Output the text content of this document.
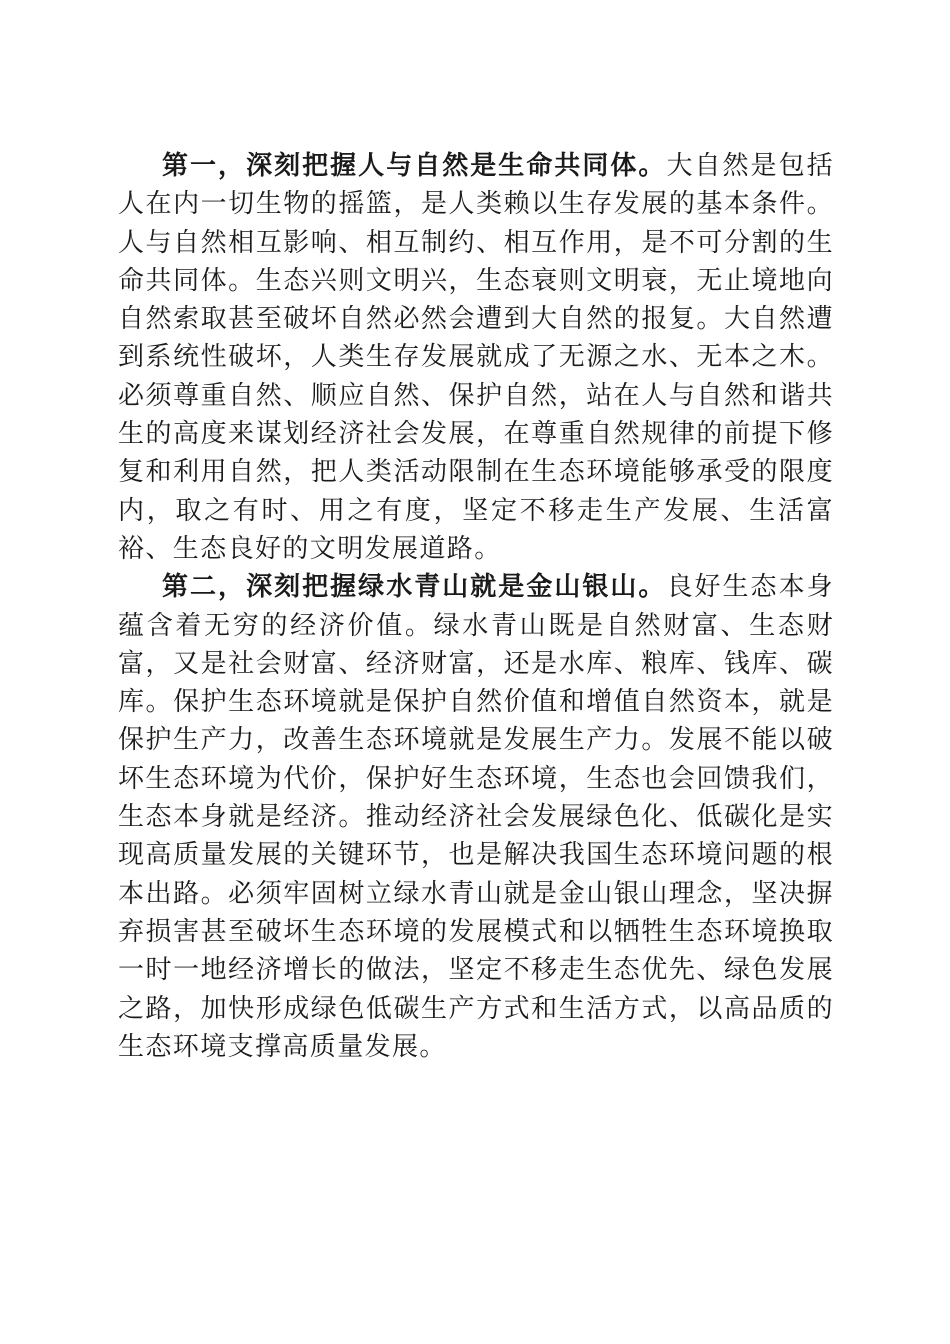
第一，深刻把握人与自然是生命共同体。大自然是包括人在内一切生物的摇篮，是人类赖以生存发展的基本条件。人与自然相互影响、相互制约、相互作用，是不可分割的生命共同体。生态兴则文明兴，生态衰则文明衰，无止境地向自然索取甚至破坏自然必然会遭到大自然的报复。大自然遭到系统性破坏，人类生存发展就成了无源之水、无本之木。必须尊重自然、顺应自然、保护自然，站在人与自然和谐共生的高度来谋划经济社会发展，在尊重自然规律的前提下修复和利用自然，把人类活动限制在生态环境能够承受的限度内，取之有时、用之有度，坚定不移走生产发展、生活富裕、生态良好的文明发展道路。

第二，深刻把握绿水青山就是金山银山。良好生态本身蕴含着无穷的经济价值。绿水青山既是自然财富、生态财富，又是社会财富、经济财富，还是水库、粮库、钱库、碳库。保护生态环境就是保护自然价值和增值自然资本，就是保护生产力，改善生态环境就是发展生产力。发展不能以破坏生态环境为代价，保护好生态环境，生态也会回馈我们，生态本身就是经济。推动经济社会发展绿色化、低碳化是实现高质量发展的关键环节，也是解决我国生态环境问题的根本出路。必须牢固树立绿水青山就是金山银山理念，坚决摒弃损害甚至破坏生态环境的发展模式和以牺牲生态环境换取一时一地经济增长的做法，坚定不移走生态优先、绿色发展之路，加快形成绿色低碳生产方式和生活方式，以高品质的生态环境支撑高质量发展。
